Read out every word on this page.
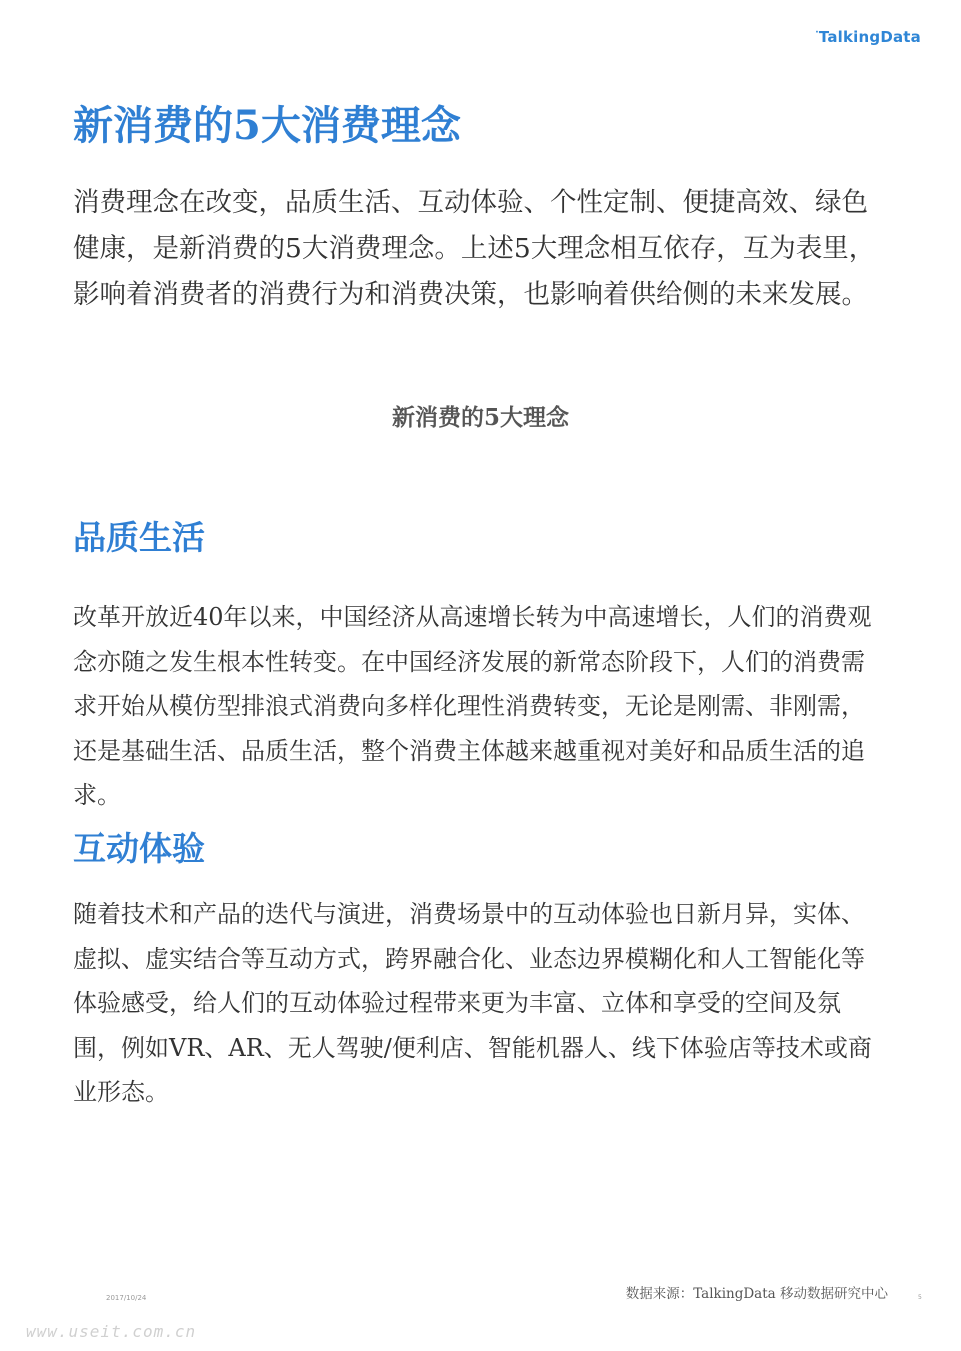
·TalkingData
新消费的5大消费理念

消费理念在改变，品质生活、互动体验、个性定制、便捷高效、绿色健康，是新消费的5大消费理念。上述5大理念相互依存，互为表里，影响着消费者的消费行为和消费决策，也影响着供给侧的未来发展。

新消费的5大理念
品质生活

改革开放近40年以来，中国经济从高速增长转为中高速增长，人们的消费观念亦随之发生根本性转变。在中国经济发展的新常态阶段下，人们的消费需求开始从模仿型排浪式消费向多样化理性消费转变，无论是刚需、非刚需，还是基础生活、品质生活，整个消费主体越来越重视对美好和品质生活的追求。

互动体验

随着技术和产品的迭代与演进，消费场景中的互动体验也日新月异，实体、虚拟、虚实结合等互动方式，跨界融合化、业态边界模糊化和人工智能化等体验感受，给人们的互动体验过程带来更为丰富、立体和享受的空间及氛围，例如VR、AR、无人驾驶/便利店、智能机器人、线下体验店等技术或商业形态。

数据来源：TalkingData 移动数据研究中心
2017/10/24	5
www.useit.com.cn
